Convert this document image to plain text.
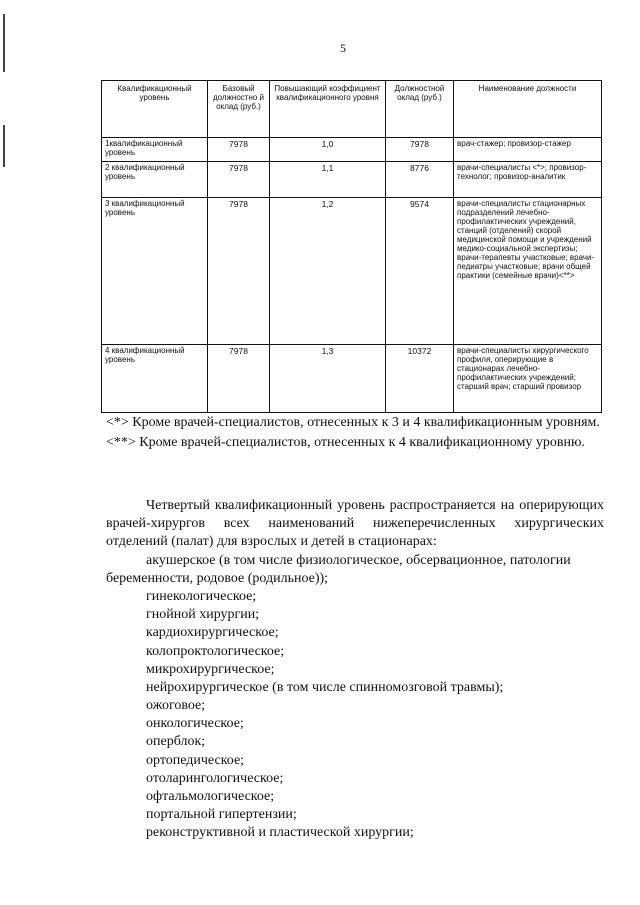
5
Квалификационный уровень	Базовый должностно й оклад (руб.)	Повышающий коэффициент квалификационного уровня	Должностной оклад (руб.)	Наименование должности
1квалификационный уровень	7978	1,0	7978	врач-стажер; провизор-стажер
2 квалификационный уровень	7978	1,1	8776	врачи-специалисты <*>; провизор-технолог; провизор-аналитик
3 квалификационный уровень	7978	1,2	9574	врачи-специалисты стационарных подразделений лечебно-профилактических учреждений, станций (отделений) скорой медицинской помощи и учреждений медико-социальной экспертизы; врачи-терапевты участковые; врачи-педиатры участковые; врачи общей практики (семейные врачи)<**>
4 квалификационный уровень	7978	1,3	10372	врачи-специалисты хирургического профиля, оперирующие в стационарах лечебно-профилактических учреждений; старший врач; старший провизор

<*> Кроме врачей-специалистов, отнесенных к 3 и 4 квалификационным уровням.

<**> Кроме врачей-специалистов, отнесенных к 4 квалификационному уровню.

Четвертый квалификационный уровень распространяется на оперирующих врачей-хирургов всех наименований нижеперечисленных хирургических отделений (палат) для взрослых и детей в стационарах:

акушерское (в том числе физиологическое, обсервационное, патологии беременности, родовое (родильное));

гинекологическое;

гнойной хирургии;

кардиохирургическое;

колопроктологическое;

микрохирургическое;

нейрохирургическое (в том числе спинномозговой травмы);

ожоговое;

онкологическое;

оперблок;

ортопедическое;

отоларингологическое;

офтальмологическое;

портальной гипертензии;

реконструктивной и пластической хирургии;
